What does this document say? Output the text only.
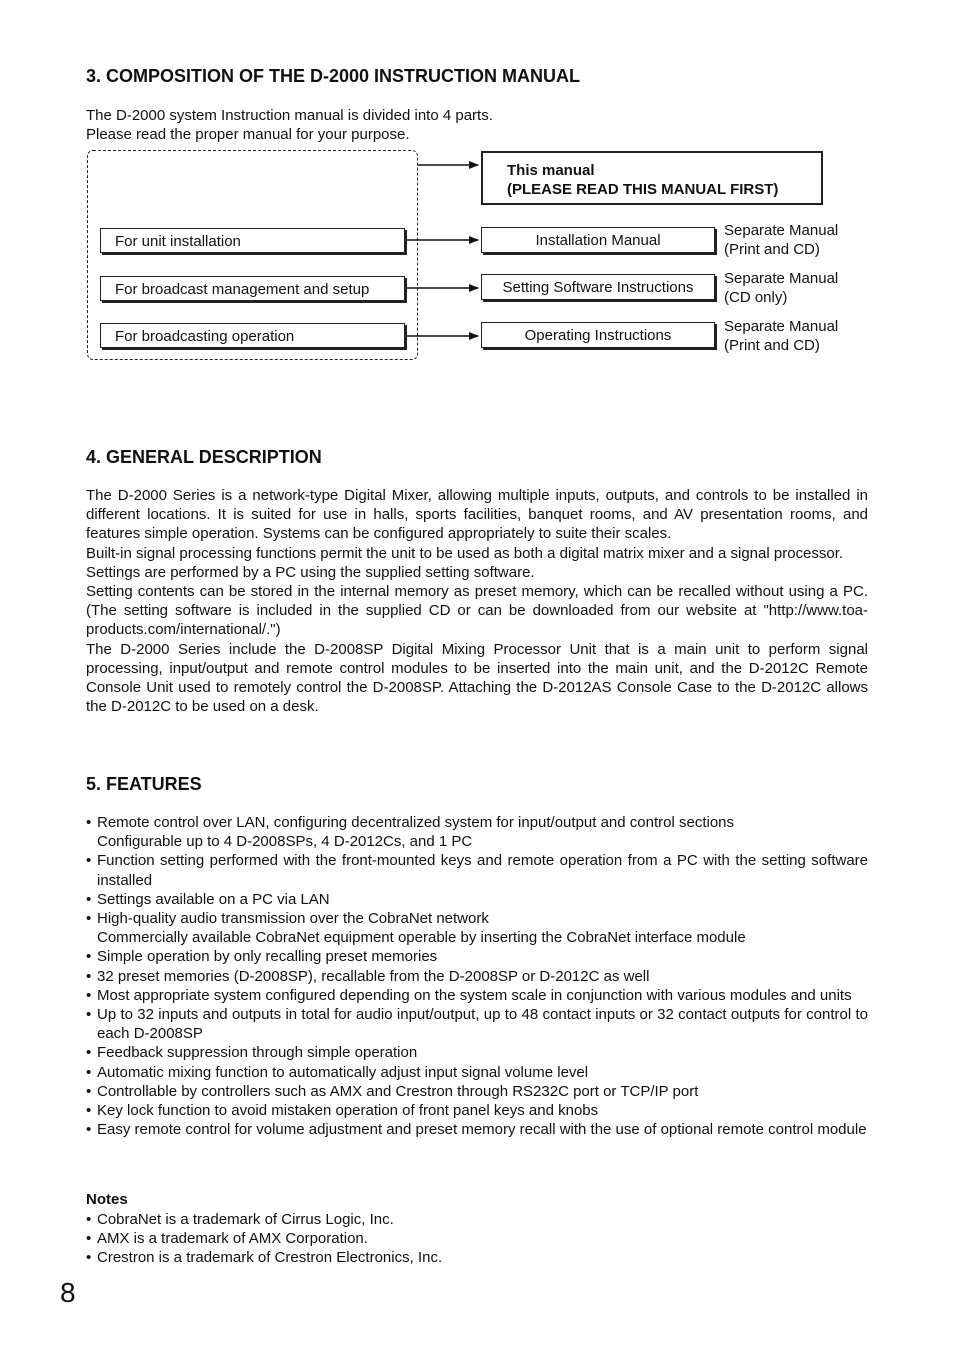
3. COMPOSITION OF THE D-2000 INSTRUCTION MANUAL

The D-2000 system Instruction manual is divided into 4 parts.

Please read the proper manual for your purpose.

This manual
(PLEASE READ THIS MANUAL FIRST)
For unit installation
For broadcast management and setup
For broadcasting operation
Installation Manual
Setting Software Instructions
Operating Instructions
Separate Manual
(Print and CD)
Separate Manual
(CD only)
Separate Manual
(Print and CD)
4. GENERAL DESCRIPTION

The D-2000 Series is a network-type Digital Mixer, allowing multiple inputs, outputs, and controls to be installed in different locations. It is suited for use in halls, sports facilities, banquet rooms, and AV presentation rooms, and features simple operation. Systems can be configured appropriately to suite their scales.

Built-in signal processing functions permit the unit to be used as both a digital matrix mixer and a signal processor.

Settings are performed by a PC using the supplied setting software.

Setting contents can be stored in the internal memory as preset memory, which can be recalled without using a PC. (The setting software is included in the supplied CD or can be downloaded from our website at "http://www.toa-products.com/international/.")

The D-2000 Series include the D-2008SP Digital Mixing Processor Unit that is a main unit to perform signal processing, input/output and remote control modules to be inserted into the main unit, and the D-2012C Remote Console Unit used to remotely control the D-2008SP. Attaching the D-2012AS Console Case to the D-2012C allows the D-2012C to be used on a desk.

5. FEATURES
• Remote control over LAN, configuring decentralized system for input/output and control sections
Configurable up to 4 D-2008SPs, 4 D-2012Cs, and 1 PC
• Function setting performed with the front-mounted keys and remote operation from a PC with the setting software installed
• Settings available on a PC via LAN
• High-quality audio transmission over the CobraNet network
Commercially available CobraNet equipment operable by inserting the CobraNet interface module
• Simple operation by only recalling preset memories
• 32 preset memories (D-2008SP), recallable from the D-2008SP or D-2012C as well
• Most appropriate system configured depending on the system scale in conjunction with various modules and units
• Up to 32 inputs and outputs in total for audio input/output, up to 48 contact inputs or 32 contact outputs for control to each D-2008SP
• Feedback suppression through simple operation
• Automatic mixing function to automatically adjust input signal volume level
• Controllable by controllers such as AMX and Crestron through RS232C port or TCP/IP port
• Key lock function to avoid mistaken operation of front panel keys and knobs
• Easy remote control for volume adjustment and preset memory recall with the use of optional remote control module
Notes
• CobraNet is a trademark of Cirrus Logic, Inc.
• AMX is a trademark of AMX Corporation.
• Crestron is a trademark of Crestron Electronics, Inc.
8
